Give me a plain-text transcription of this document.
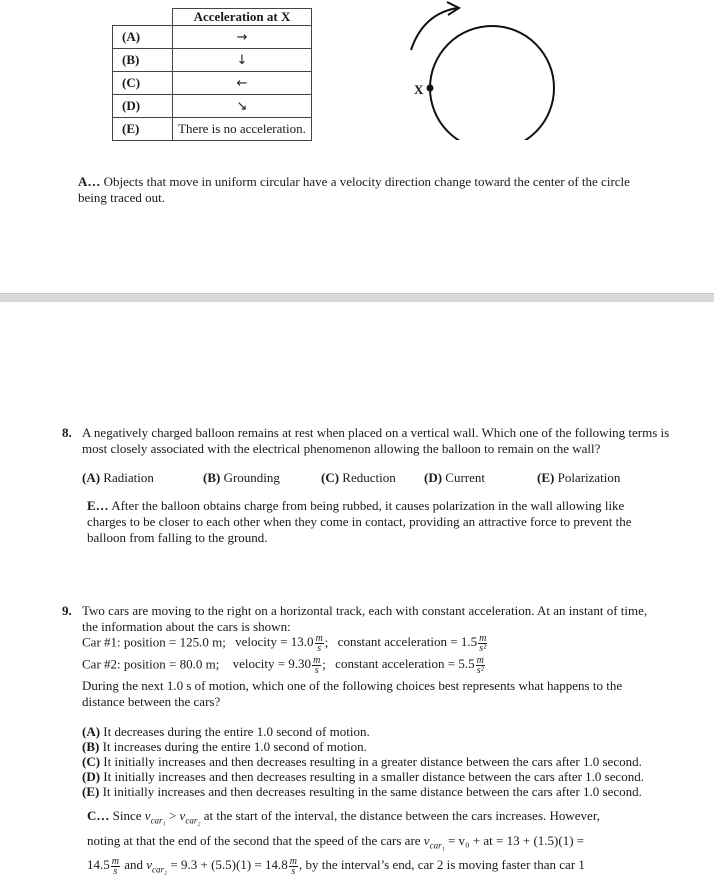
	Acceleration at X
(A)	→
(B)	↓
(C)	←
(D)	↘
(E)	There is no acceleration.
X
A… Objects that move in uniform circular have a velocity direction change toward the center of the circle being traced out.
8. A negatively charged balloon remains at rest when placed on a vertical wall. Which one of the following terms is most closely associated with the electrical phenomenon allowing the balloon to remain on the wall?
(A) Radiation	(B) Grounding	(C) Reduction (D) Current	(E) Polarization
E… After the balloon obtains charge from being rubbed, it causes polarization in the wall allowing like charges to be closer to each other when they come in contact, providing an attractive force to prevent the balloon from falling to the ground.
9. Two cars are moving to the right on a horizontal track, each with constant acceleration. At an instant of time, the information about the cars is shown:
Car #1: position = 125.0 m; velocity = $13.0 \frac{m}{s}$ ; constant acceleration = $1.5 \frac{m}{\text{s²}}$
Car #2: position = 80.0 m; velocity = $9.30 \frac{m}{s}$ ; constant acceleration = $5.5 \frac{m}{\text{s²}}$
During the next 1.0 s of motion, which one of the following choices best represents what happens to the distance between the cars?
(A) It decreases during the entire 1.0 second of motion.
(B) It increases during the entire 1.0 second of motion.
(C) It initially increases and then decreases resulting in a greater distance between the cars after 1.0 second.
(D) It initially increases and then decreases resulting in a smaller distance between the cars after 1.0 second.
(E) It initially increases and then decreases resulting in the same distance between the cars after 1.0 second.
C… Since $v_{car_1} > v_{car_2}$ at the start of the interval, the distance between the cars increases. However,
noting at that the end of the second that the speed of the cars are $v_{car_1} = v_0$ + at = 13 + (1.5)(1) =
$14.5 \frac{m}{s}$ and $v_{car_2} = 9.3 + (5.5)(1) = 14.8 \frac{m}{s}$ , by the interval’s end, car 2 is moving faster than car 1
